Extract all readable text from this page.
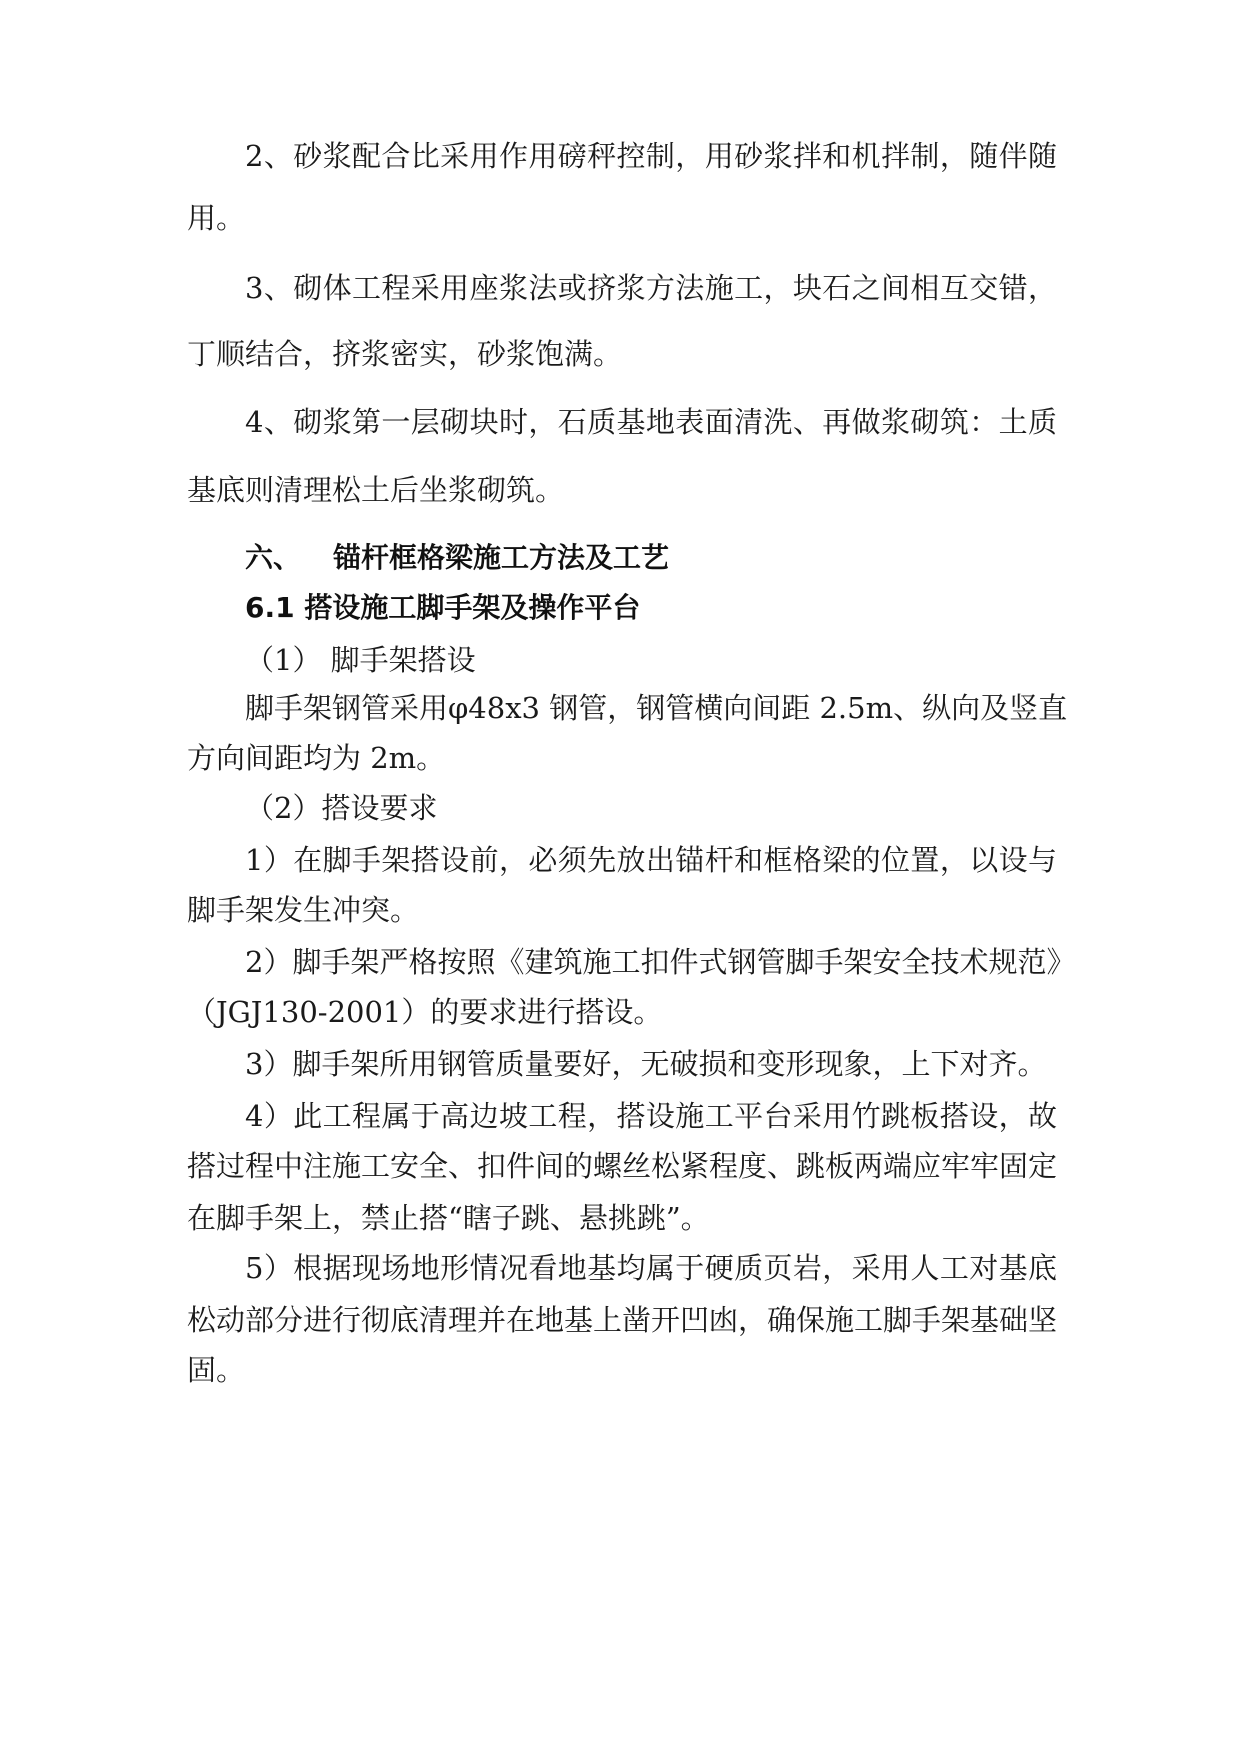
2、砂浆配合比采用作用磅秤控制，用砂浆拌和机拌制，随伴随
用。
3、砌体工程采用座浆法或挤浆方法施工，块石之间相互交错，
丁顺结合，挤浆密实，砂浆饱满。
4、砌浆第一层砌块时，石质基地表面清洗、再做浆砌筑：土质
基底则清理松土后坐浆砌筑。
六、 锚杆框格梁施工方法及工艺
6.1 搭设施工脚手架及操作平台
（1） 脚手架搭设
脚手架钢管采用φ48x3 钢管，钢管横向间距 2.5m、纵向及竖直
方向间距均为 2m。
（2）搭设要求
1）在脚手架搭设前，必须先放出锚杆和框格梁的位置，以设与
脚手架发生冲突。
2）脚手架严格按照《建筑施工扣件式钢管脚手架安全技术规范》
（JGJ130-2001）的要求进行搭设。
3）脚手架所用钢管质量要好，无破损和变形现象，上下对齐。
4）此工程属于高边坡工程，搭设施工平台采用竹跳板搭设，故
搭过程中注施工安全、扣件间的螺丝松紧程度、跳板两端应牢牢固定
在脚手架上，禁止搭“瞎子跳、悬挑跳”。
5）根据现场地形情况看地基均属于硬质页岩，采用人工对基底
松动部分进行彻底清理并在地基上凿开凹凼，确保施工脚手架基础坚
固。
